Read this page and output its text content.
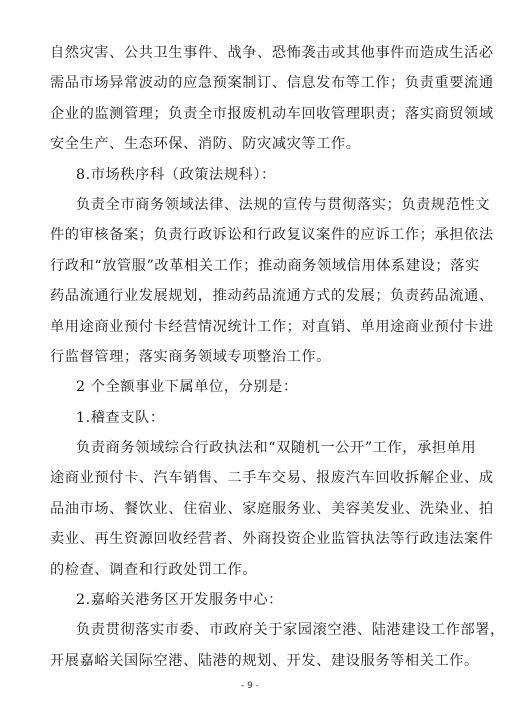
自然灾害、公共卫生事件、战争、恐怖袭击或其他事件而造成生活必
需品市场异常波动的应急预案制订、信息发布等工作；负责重要流通
企业的监测管理；负责全市报废机动车回收管理职责；落实商贸领域
安全生产、生态环保、消防、防灾减灾等工作。
8.市场秩序科（政策法规科）：
负责全市商务领域法律、法规的宣传与贯彻落实；负责规范性文
件的审核备案；负责行政诉讼和行政复议案件的应诉工作；承担依法
行政和“放管服”改革相关工作；推动商务领域信用体系建设；落实
药品流通行业发展规划，推动药品流通方式的发展；负责药品流通、
单用途商业预付卡经营情况统计工作；对直销、单用途商业预付卡进
行监督管理；落实商务领域专项整治工作。
2 个全额事业下属单位，分别是：
1.稽查支队：
负责商务领域综合行政执法和“双随机一公开”工作，承担单用
途商业预付卡、汽车销售、二手车交易、报废汽车回收拆解企业、成
品油市场、餐饮业、住宿业、家庭服务业、美容美发业、洗染业、拍
卖业、再生资源回收经营者、外商投资企业监管执法等行政违法案件
的检查、调查和行政处罚工作。
2.嘉峪关港务区开发服务中心：
负责贯彻落实市委、市政府关于家园滚空港、陆港建设工作部署，
开展嘉峪关国际空港、陆港的规划、开发、建设服务等相关工作。
- 9 -
